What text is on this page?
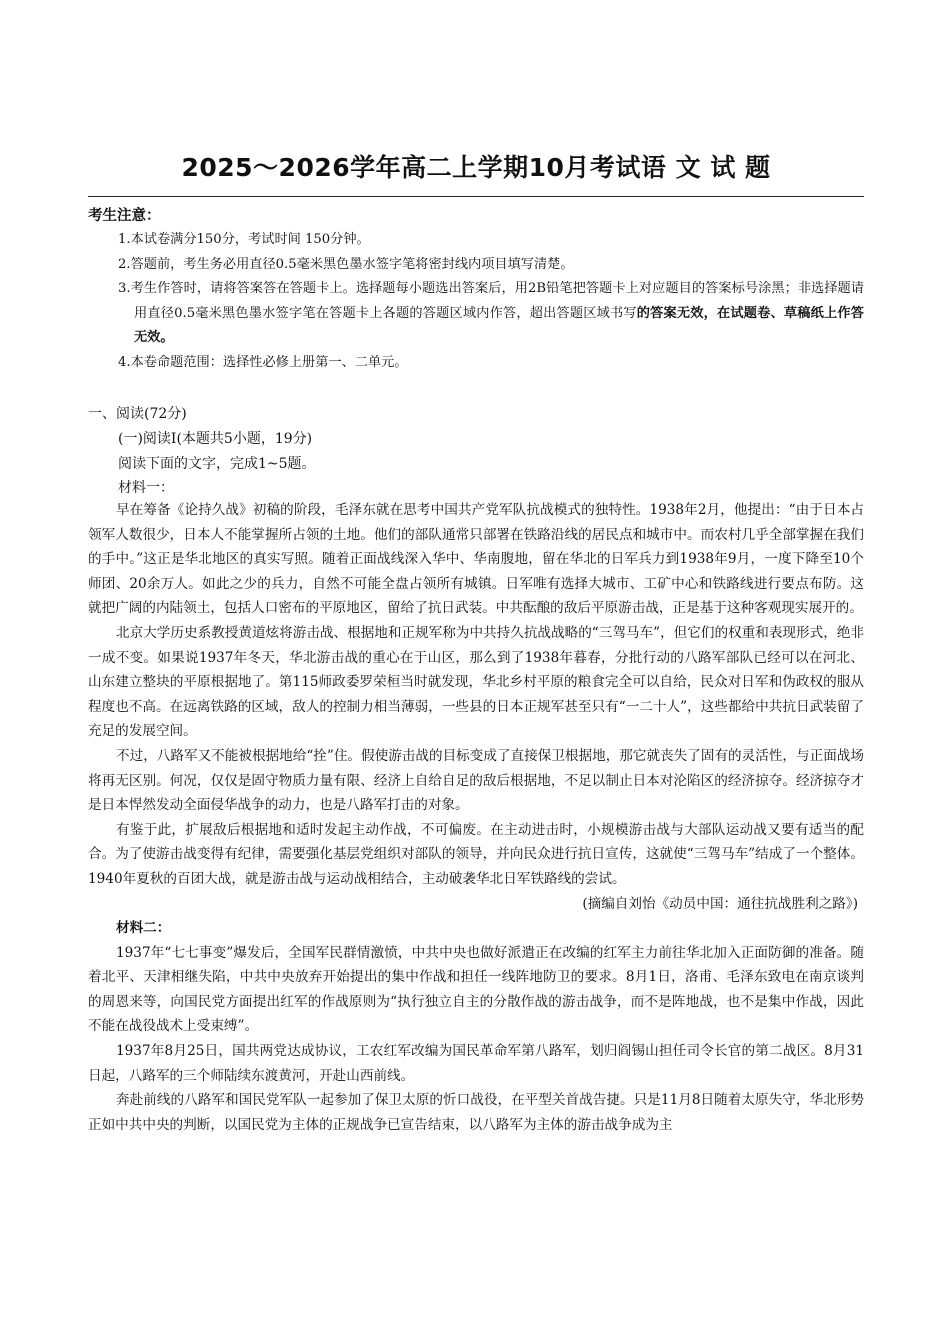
2025～2026学年高二上学期10月考试语 文 试 题
考生注意：
1.本试卷满分150分，考试时间 150分钟。
2.答题前，考生务必用直径0.5毫米黑色墨水签字笔将密封线内项目填写清楚。
3.考生作答时，请将答案答在答题卡上。选择题每小题选出答案后，用2B铅笔把答题卡上对应题目的答案标号涂黑；非选择题请用直径0.5毫米黑色墨水签字笔在答题卡上各题的答题区域内作答，超出答题区域书写的答案无效，在试题卷、草稿纸上作答无效。
4.本卷命题范围：选择性必修上册第一、二单元。
一、阅读(72分)
(一)阅读Ⅰ(本题共5小题，19分)
阅读下面的文字，完成1~5题。
材料一：

早在筹备《论持久战》初稿的阶段，毛泽东就在思考中国共产党军队抗战模式的独特性。1938年2月，他提出：“由于日本占领军人数很少，日本人不能掌握所占领的土地。他们的部队通常只部署在铁路沿线的居民点和城市中。而农村几乎全部掌握在我们的手中。”这正是华北地区的真实写照。随着正面战线深入华中、华南腹地，留在华北的日军兵力到1938年9月，一度下降至10个师团、20余万人。如此之少的兵力，自然不可能全盘占领所有城镇。日军唯有选择大城市、工矿中心和铁路线进行要点布防。这就把广阔的内陆领土，包括人口密布的平原地区，留给了抗日武装。中共酝酿的敌后平原游击战，正是基于这种客观现实展开的。

北京大学历史系教授黄道炫将游击战、根据地和正规军称为中共持久抗战战略的“三驾马车”，但它们的权重和表现形式，绝非一成不变。如果说1937年冬天，华北游击战的重心在于山区，那么到了1938年暮春，分批行动的八路军部队已经可以在河北、山东建立整块的平原根据地了。第115师政委罗荣桓当时就发现，华北乡村平原的粮食完全可以自给，民众对日军和伪政权的服从程度也不高。在远离铁路的区域，敌人的控制力相当薄弱，一些县的日本正规军甚至只有“一二十人”，这些都给中共抗日武装留了充足的发展空间。

不过，八路军又不能被根据地给“拴”住。假使游击战的目标变成了直接保卫根据地，那它就丧失了固有的灵活性，与正面战场将再无区别。何况，仅仅是固守物质力量有限、经济上自给自足的敌后根据地，不足以制止日本对沦陷区的经济掠夺。经济掠夺才是日本悍然发动全面侵华战争的动力，也是八路军打击的对象。

有鉴于此，扩展敌后根据地和适时发起主动作战，不可偏废。在主动进击时，小规模游击战与大部队运动战又要有适当的配合。为了使游击战变得有纪律，需要强化基层党组织对部队的领导，并向民众进行抗日宣传，这就使“三驾马车”结成了一个整体。1940年夏秋的百团大战，就是游击战与运动战相结合，主动破袭华北日军铁路线的尝试。

(摘编自刘怡《动员中国：通往抗战胜利之路》)

材料二：

1937年“七七事变”爆发后，全国军民群情激愤，中共中央也做好派遣正在改编的红军主力前往华北加入正面防御的准备。随着北平、天津相继失陷，中共中央放弃开始提出的集中作战和担任一线阵地防卫的要求。8月1日，洛甫、毛泽东致电在南京谈判的周恩来等，向国民党方面提出红军的作战原则为“执行独立自主的分散作战的游击战争，而不是阵地战，也不是集中作战，因此不能在战役战术上受束缚”。

1937年8月25日，国共两党达成协议，工农红军改编为国民革命军第八路军，划归阎锡山担任司令长官的第二战区。8月31日起，八路军的三个师陆续东渡黄河，开赴山西前线。

奔赴前线的八路军和国民党军队一起参加了保卫太原的忻口战役，在平型关首战告捷。只是11月8日随着太原失守，华北形势正如中共中央的判断，以国民党为主体的正规战争已宣告结束，以八路军为主体的游击战争成为主
